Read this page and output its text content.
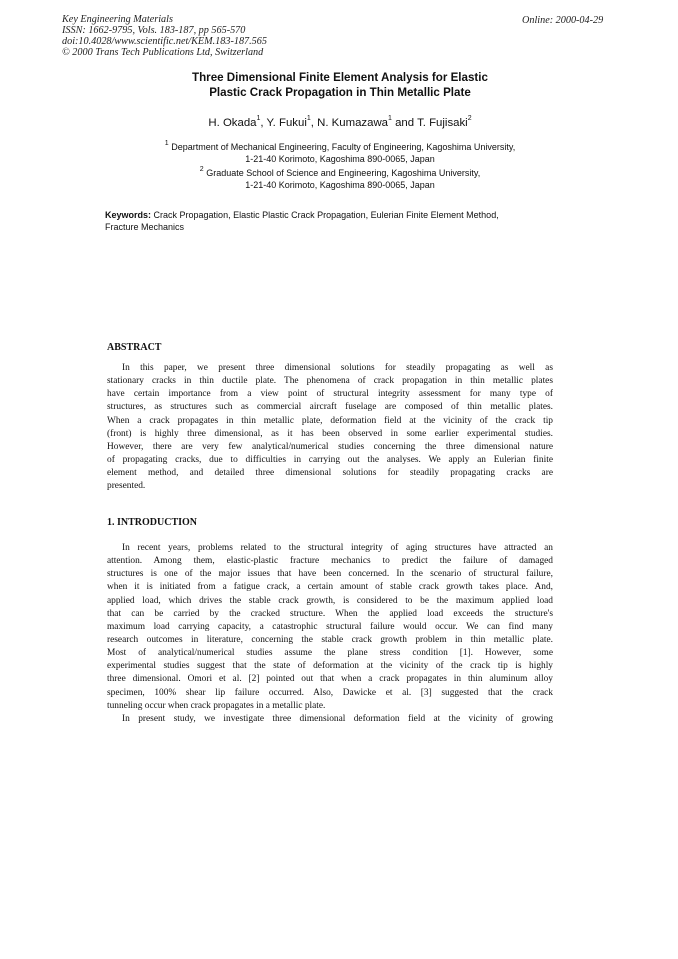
Key Engineering Materials
ISSN: 1662-9795, Vols. 183-187, pp 565-570
doi:10.4028/www.scientific.net/KEM.183-187.565
© 2000 Trans Tech Publications Ltd, Switzerland
Online: 2000-04-29
Three Dimensional Finite Element Analysis for Elastic
Plastic Crack Propagation in Thin Metallic Plate
H. Okada$^1$, Y. Fukui$^1$, N. Kumazawa$^1$ and T. Fujisaki$^2$
$^1$ Department of Mechanical Engineering, Faculty of Engineering, Kagoshima University,
1-21-40 Korimoto, Kagoshima 890-0065, Japan
$^2$ Graduate School of Science and Engineering, Kagoshima University,
1-21-40 Korimoto, Kagoshima 890-0065, Japan
Keywords: Crack Propagation, Elastic Plastic Crack Propagation, Eulerian Finite Element Method,
Fracture Mechanics
ABSTRACT
In this paper, we present three dimensional solutions for steadily propagating as well as
stationary cracks in thin ductile plate. The phenomena of crack propagation in thin metallic plates
have certain importance from a view point of structural integrity assessment for many type of
structures, as structures such as commercial aircraft fuselage are composed of thin metallic plates.
When a crack propagates in thin metallic plate, deformation field at the vicinity of the crack tip
(front) is highly three dimensional, as it has been observed in some earlier experimental studies.
However, there are very few analytical/numerical studies concerning the three dimensional nature
of propagating cracks, due to difficulties in carrying out the analyses. We apply an Eulerian finite
element method, and detailed three dimensional solutions for steadily propagating cracks are
presented.
1. INTRODUCTION
In recent years, problems related to the structural integrity of aging structures have attracted an
attention. Among them, elastic-plastic fracture mechanics to predict the failure of damaged
structures is one of the major issues that have been concerned. In the scenario of structural failure,
when it is initiated from a fatigue crack, a certain amount of stable crack growth takes place. And,
applied load, which drives the stable crack growth, is considered to be the maximum applied load
that can be carried by the cracked structure. When the applied load exceeds the structure's
maximum load carrying capacity, a catastrophic structural failure would occur. We can find many
research outcomes in literature, concerning the stable crack growth problem in thin metallic plate.
Most of analytical/numerical studies assume the plane stress condition [1]. However, some
experimental studies suggest that the state of deformation at the vicinity of the crack tip is highly
three dimensional. Omori et al. [2] pointed out that when a crack propagates in thin aluminum alloy
specimen, 100% shear lip failure occurred. Also, Dawicke et al. [3] suggested that the crack
tunneling occur when crack propagates in a metallic plate.
In present study, we investigate three dimensional deformation field at the vicinity of growing
